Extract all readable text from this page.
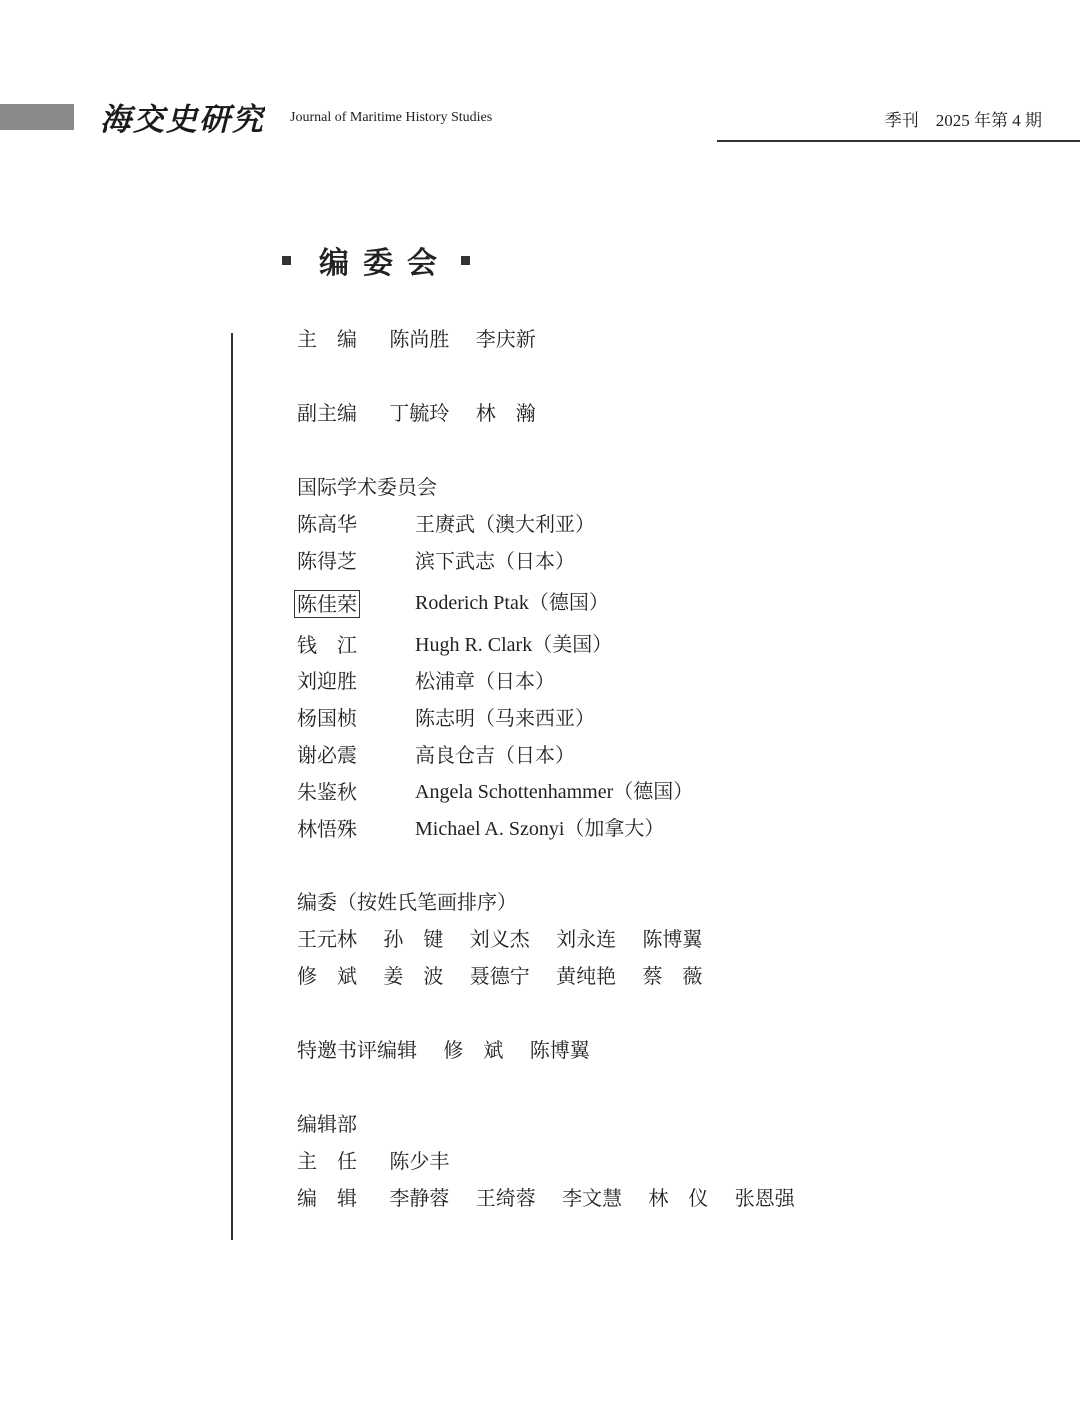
海交史研究 Journal of Maritime History Studies	季刊　2025 年第 4 期
编委会
主　编 陈尚胜 李庆新
副主编 丁毓玲 林　瀚
国际学术委员会
陈高华	王赓武（澳大利亚）
陈得芝	滨下武志（日本）
陈佳荣	Roderich Ptak（德国）
钱　江	Hugh R. Clark（美国）
刘迎胜	松浦章（日本）
杨国桢	陈志明（马来西亚）
谢必震	高良仓吉（日本）
朱鉴秋	Angela Schottenhammer（德国）
林悟殊	Michael A. Szonyi（加拿大）
编委（按姓氏笔画排序）
王元林 孙　键 刘义杰 刘永连 陈博翼
修　斌 姜　波 聂德宁 黄纯艳 蔡　薇
特邀书评编辑 修　斌 陈博翼
编辑部
主　任 陈少丰
编　辑 李静蓉 王绮蓉 李文慧 林　仪 张恩强
